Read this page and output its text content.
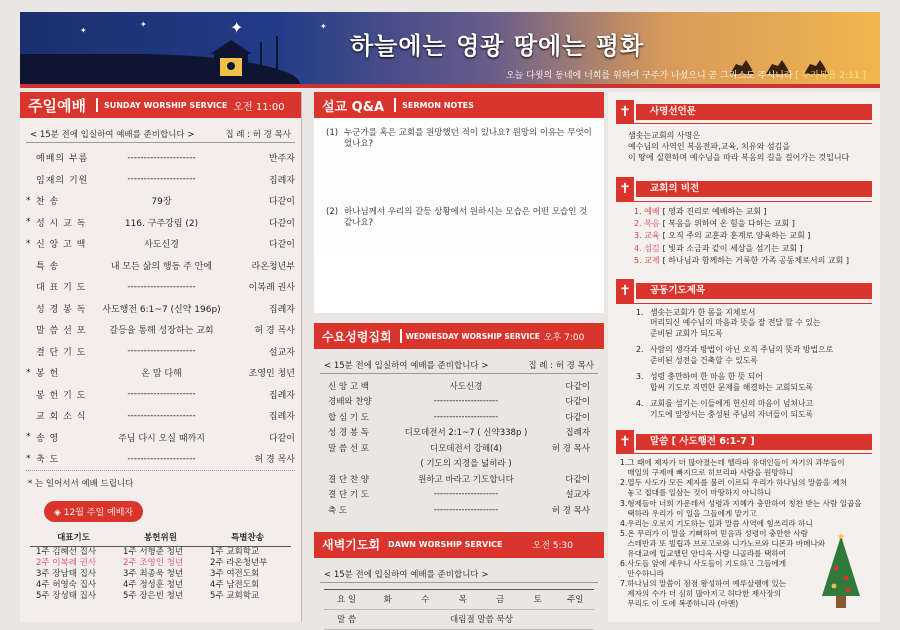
✦
✦
✦	✦
하늘에는 영광 땅에는 평화
오늘 다윗의 동네에 너희를 위하여 구주가 나셨으니 곧 그리스도 주시니라 [ 누가복음 2:11 ]
주일예배 SUNDAY WORSHIP SERVICE 오전 11:00
< 15분 전에 입실하여 예배를 준비합니다 >	집 례 : 허 경 목사
예배의 부름	---------------------	반주자
임재의 기원	---------------------	집례자
* 찬 송	79장	다같이
* 성 시 교 독	116. 구주강림 (2)	다같이
* 신 앙 고 백	사도신경	다같이
특 송	내 모든 삶의 행동 주 안에	라온청년부
대 표 기 도	---------------------	이복례 권사
성 경 봉 독	사도행전 6:1~7 (신약 196p)	집례자
말 씀 선 포	갈등을 통해 성장하는 교회	허 경 목사
결 단 기 도	---------------------	설교자
* 봉 헌	온 맘 다해	조영인 청년
봉 헌 기 도	---------------------	집례자
교 회 소 식	---------------------	집례자
* 송 영	주님 다시 오실 때까지	다같이
* 축 도	---------------------	허 경 목사
* 는 일어서서 예배 드립니다
◈ 12월 주일 예배자
대표기도	봉헌위원	특별찬송
1주 김혜선 집사	1주 서형준 청년	1주 교회학교
2주 이복례 권사	2주 조영인 청년	2주 라온청년부
3주 장남태 집사	3주 최종욱 청년	3주 여전도회
4주 허영숙 집사	4주 정성훈 청년	4주 남전도회
5주 장성태 집사	5주 장은빈 청년	5주 교회학교
설교 Q&A SERMON NOTES
(1) 누군가를 혹은 교회를 원망했던 적이 있나요? 원망의 이유는 무엇이었나요?
(2) 하나님께서 우리의 갈등 상황에서 원하시는 모습은 어떤 모습인 것 같나요?
수요성령집회 WEDNESDAY WORSHIP SERVICE 오후 7:00
< 15분 전에 입실하여 예배를 준비합니다 >	집 례 : 허 경 목사
신 앙 고 백	사도신경	다같이
경배와 찬양	---------------------	다같이
합 심 기 도	---------------------	다같이
성 경 봉 독	디모데전서 2:1~7 ( 신약338p )	집례자
말 씀 선 포	디모데전서 강해(4)	허 경 목사
( 기도의 지경을 넓히라 )
결 단 찬 양	원하고 바라고 기도합니다	다같이
결 단 기 도	---------------------	설교자
축 도	---------------------	허 경 목사
새벽기도회 DAWN WORSHIP SERVICE	오전 5:30
< 15분 전에 입실하여 예배를 준비합니다 >
요 일	화	수	목	금	토	주일
말 씀	대림절 말씀 묵상
✝	사명선언문
샘솟는교회의 사명은
예수님의 사역인 복음전파,교육, 치유와 섬김을
이 땅에 실현하며 예수님을 따라 복음의 길을 걸어가는 것입니다
✝	교회의 비전
1. 예배 [ 영과 진리로 예배하는 교회 ]
2. 복음 [ 복음을 위하여 온 힘을 다하는 교회 ]
3. 교육 [ 오직 주의 교훈과 훈계로 양육하는 교회 ]
4. 섬김 [ 빛과 소금과 같이 세상을 섬기는 교회 ]
5. 교제 [ 하나님과 함께하는 거룩한 가족 공동체로서의 교회 ]
✝	공동기도제목
1. 샘솟는교회가 한 몸을 지체로서
머리되신 예수님의 마음과 뜻을 잘 전달 할 수 있는
준비된 교회가 되도록
2. 사람의 생각과 방법이 아닌 오직 주님의 뜻과 방법으로
준비된 성전을 건축할 수 있도록
3. 성령 충만하여 한 마음 한 뜻 되어
합써 기도로 직면한 문제를 해결하는 교회되도록
4. 교회를 섬기는 이들에게 헌신의 마음이 넘쳐나고
기도에 앞장서는 충성된 주님의 자녀들이 되도록
✝	말씀 [ 사도행전 6:1-7 ]
1.그 때에 제자가 더 많아졌는데 헬라파 유대인들이 자기의 과부들이
매일의 구제에 빠지므로 히브리파 사람을 원망하니
2.열두 사도가 모든 제자를 불러 이르되 우리가 하나님의 말씀을 제쳐
놓고 접대를 일삼는 것이 마땅하지 아니하니
3.형제들아 너희 가운데서 성령과 지혜가 충만하여 칭찬 받는 사람 일곱을
택하라 우리가 이 일을 그들에게 맡기고
4.우리는 오로지 기도하는 일과 말씀 사역에 힘쓰리라 하니
5.온 무리가 이 말을 기뻐하여 믿음과 성령이 충만한 사람
스데반과 또 빌립과 브로고로와 니가노르와 디몬과 바메나와
유대교에 입교했던 안디옥 사람 니골라를 택하여
6.사도들 앞에 세우니 사도들이 기도하고 그들에게
안수하니라
7.하나님의 말씀이 점점 왕성하여 예루살렘에 있는
제자의 수가 더 심히 많아지고 허다한 제사장의
무리도 이 도에 복종하니라 (아멘)
★
